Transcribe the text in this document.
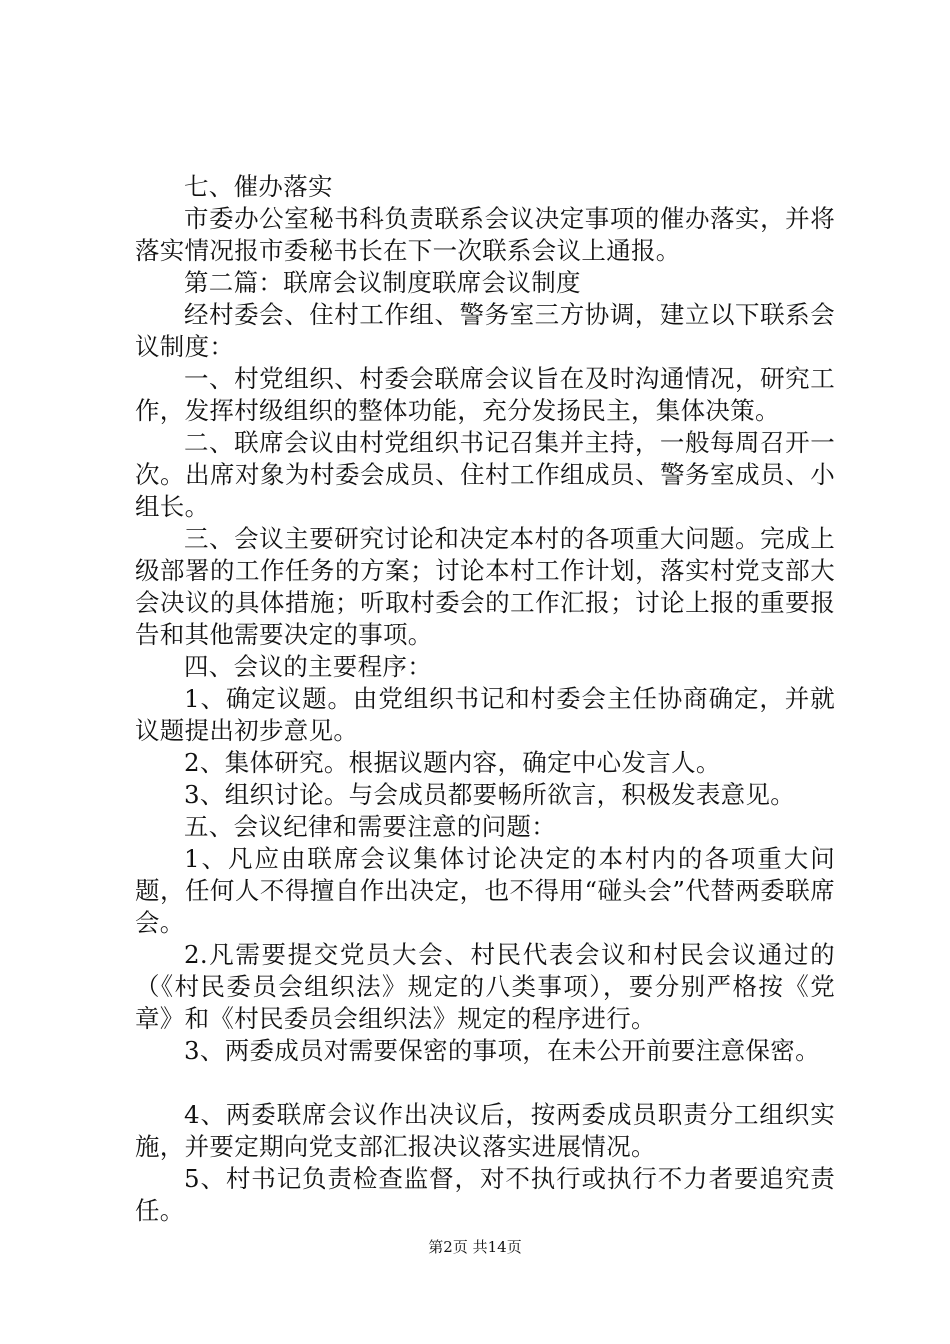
七、催办落实

市委办公室秘书科负责联系会议决定事项的催办落实，并将落实情况报市委秘书长在下一次联系会议上通报。

第二篇：联席会议制度联席会议制度

经村委会、住村工作组、警务室三方协调，建立以下联系会议制度：

一、村党组织、村委会联席会议旨在及时沟通情况，研究工作，发挥村级组织的整体功能，充分发扬民主，集体决策。

二、联席会议由村党组织书记召集并主持，一般每周召开一次。出席对象为村委会成员、住村工作组成员、警务室成员、小组长。

三、会议主要研究讨论和决定本村的各项重大问题。完成上级部署的工作任务的方案；讨论本村工作计划，落实村党支部大会决议的具体措施；听取村委会的工作汇报；讨论上报的重要报告和其他需要决定的事项。

四、会议的主要程序：

1、确定议题。由党组织书记和村委会主任协商确定，并就议题提出初步意见。

2、集体研究。根据议题内容，确定中心发言人。

3、组织讨论。与会成员都要畅所欲言，积极发表意见。

五、会议纪律和需要注意的问题：

1、凡应由联席会议集体讨论决定的本村内的各项重大问题，任何人不得擅自作出决定，也不得用“碰头会”代替两委联席会。

2.凡需要提交党员大会、村民代表会议和村民会议通过的（《村民委员会组织法》规定的八类事项），要分别严格按《党章》和《村民委员会组织法》规定的程序进行。

3、两委成员对需要保密的事项，在未公开前要注意保密。

4、两委联席会议作出决议后，按两委成员职责分工组织实施，并要定期向党支部汇报决议落实进展情况。

5、村书记负责检查监督，对不执行或执行不力者要追究责任。

第2页 共14页
